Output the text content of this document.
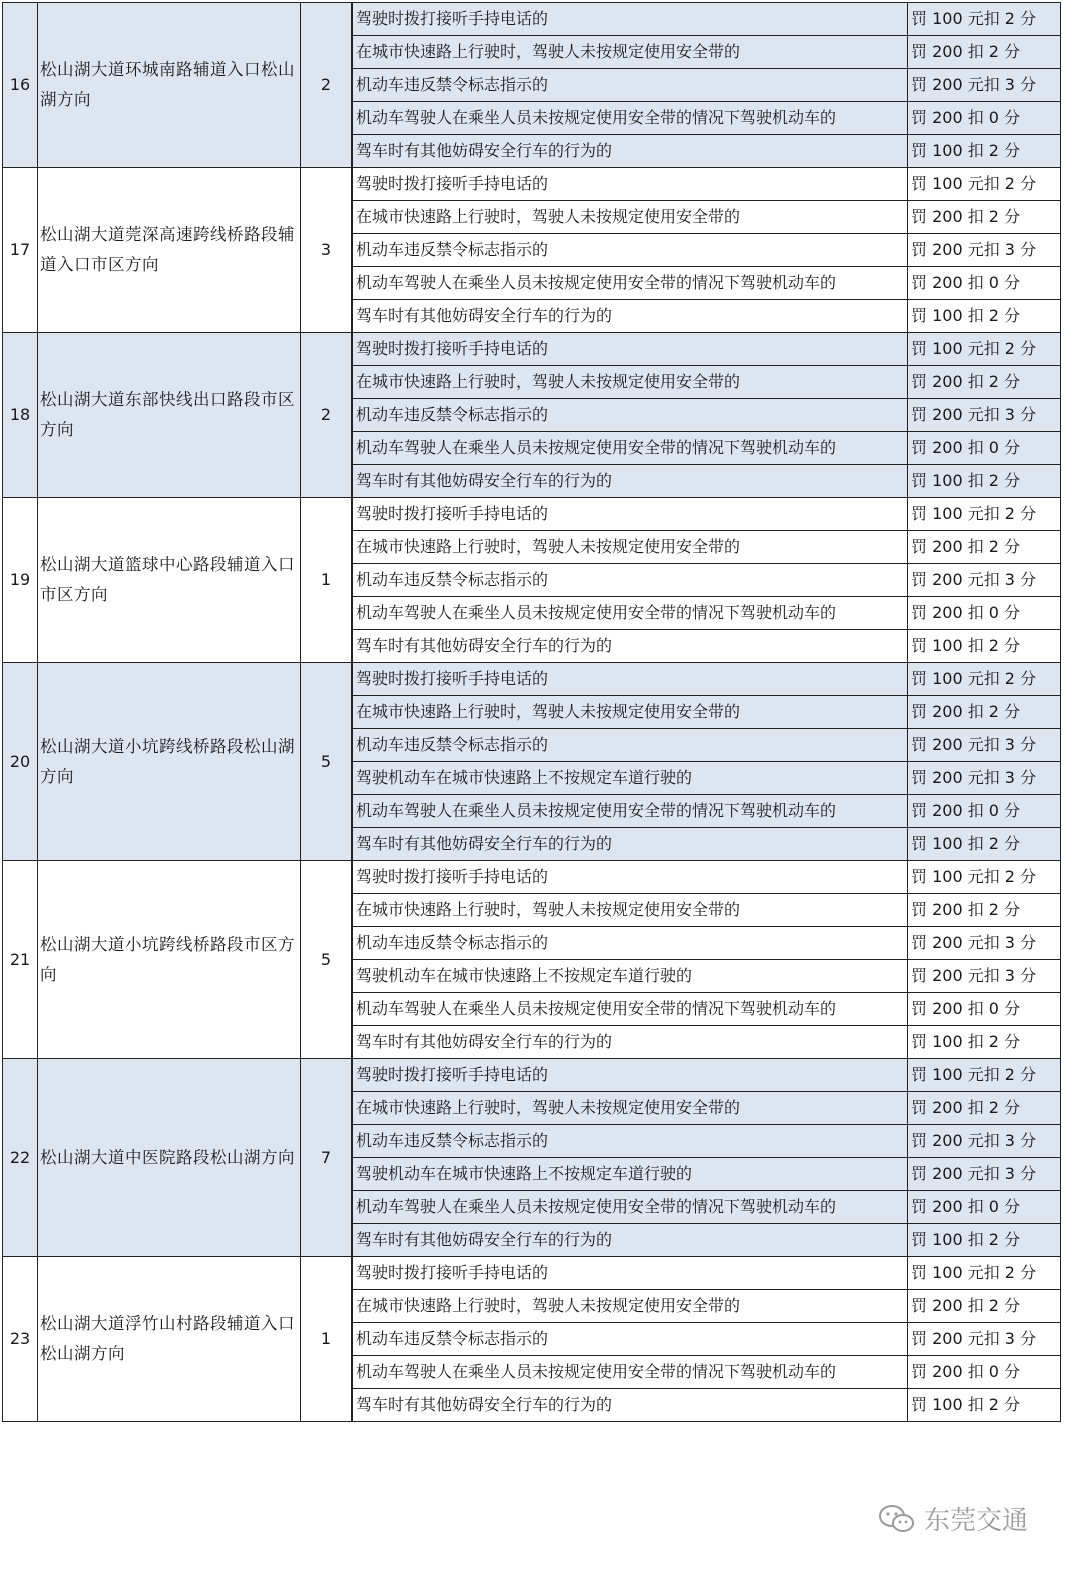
16	松山湖大道环城南路辅道入口松山湖方向	2		驾驶时拨打接听手持电话的	罚 100 元扣 2 分
			在城市快速路上行驶时，驾驶人未按规定使用安全带的	罚 200 扣 2 分
			机动车违反禁令标志指示的	罚 200 元扣 3 分
			机动车驾驶人在乘坐人员未按规定使用安全带的情况下驾驶机动车的	罚 200 扣 0 分
			驾车时有其他妨碍安全行车的行为的	罚 100 扣 2 分
17	松山湖大道莞深高速跨线桥路段辅道入口市区方向	3		驾驶时拨打接听手持电话的	罚 100 元扣 2 分
			在城市快速路上行驶时，驾驶人未按规定使用安全带的	罚 200 扣 2 分
			机动车违反禁令标志指示的	罚 200 元扣 3 分
			机动车驾驶人在乘坐人员未按规定使用安全带的情况下驾驶机动车的	罚 200 扣 0 分
			驾车时有其他妨碍安全行车的行为的	罚 100 扣 2 分
18	松山湖大道东部快线出口路段市区方向	2		驾驶时拨打接听手持电话的	罚 100 元扣 2 分
			在城市快速路上行驶时，驾驶人未按规定使用安全带的	罚 200 扣 2 分
			机动车违反禁令标志指示的	罚 200 元扣 3 分
			机动车驾驶人在乘坐人员未按规定使用安全带的情况下驾驶机动车的	罚 200 扣 0 分
			驾车时有其他妨碍安全行车的行为的	罚 100 扣 2 分
19	松山湖大道篮球中心路段辅道入口市区方向	1		驾驶时拨打接听手持电话的	罚 100 元扣 2 分
			在城市快速路上行驶时，驾驶人未按规定使用安全带的	罚 200 扣 2 分
			机动车违反禁令标志指示的	罚 200 元扣 3 分
			机动车驾驶人在乘坐人员未按规定使用安全带的情况下驾驶机动车的	罚 200 扣 0 分
			驾车时有其他妨碍安全行车的行为的	罚 100 扣 2 分
20	松山湖大道小坑跨线桥路段松山湖方向	5		驾驶时拨打接听手持电话的	罚 100 元扣 2 分
			在城市快速路上行驶时，驾驶人未按规定使用安全带的	罚 200 扣 2 分
			机动车违反禁令标志指示的	罚 200 元扣 3 分
			驾驶机动车在城市快速路上不按规定车道行驶的	罚 200 元扣 3 分
			机动车驾驶人在乘坐人员未按规定使用安全带的情况下驾驶机动车的	罚 200 扣 0 分
			驾车时有其他妨碍安全行车的行为的	罚 100 扣 2 分
21	松山湖大道小坑跨线桥路段市区方向	5		驾驶时拨打接听手持电话的	罚 100 元扣 2 分
			在城市快速路上行驶时，驾驶人未按规定使用安全带的	罚 200 扣 2 分
			机动车违反禁令标志指示的	罚 200 元扣 3 分
			驾驶机动车在城市快速路上不按规定车道行驶的	罚 200 元扣 3 分
			机动车驾驶人在乘坐人员未按规定使用安全带的情况下驾驶机动车的	罚 200 扣 0 分
			驾车时有其他妨碍安全行车的行为的	罚 100 扣 2 分
22	松山湖大道中医院路段松山湖方向	7		驾驶时拨打接听手持电话的	罚 100 元扣 2 分
			在城市快速路上行驶时，驾驶人未按规定使用安全带的	罚 200 扣 2 分
			机动车违反禁令标志指示的	罚 200 元扣 3 分
			驾驶机动车在城市快速路上不按规定车道行驶的	罚 200 元扣 3 分
			机动车驾驶人在乘坐人员未按规定使用安全带的情况下驾驶机动车的	罚 200 扣 0 分
			驾车时有其他妨碍安全行车的行为的	罚 100 扣 2 分
23	松山湖大道浮竹山村路段辅道入口松山湖方向	1		驾驶时拨打接听手持电话的	罚 100 元扣 2 分
			在城市快速路上行驶时，驾驶人未按规定使用安全带的	罚 200 扣 2 分
			机动车违反禁令标志指示的	罚 200 元扣 3 分
			机动车驾驶人在乘坐人员未按规定使用安全带的情况下驾驶机动车的	罚 200 扣 0 分
			驾车时有其他妨碍安全行车的行为的	罚 100 扣 2 分
东莞交通
